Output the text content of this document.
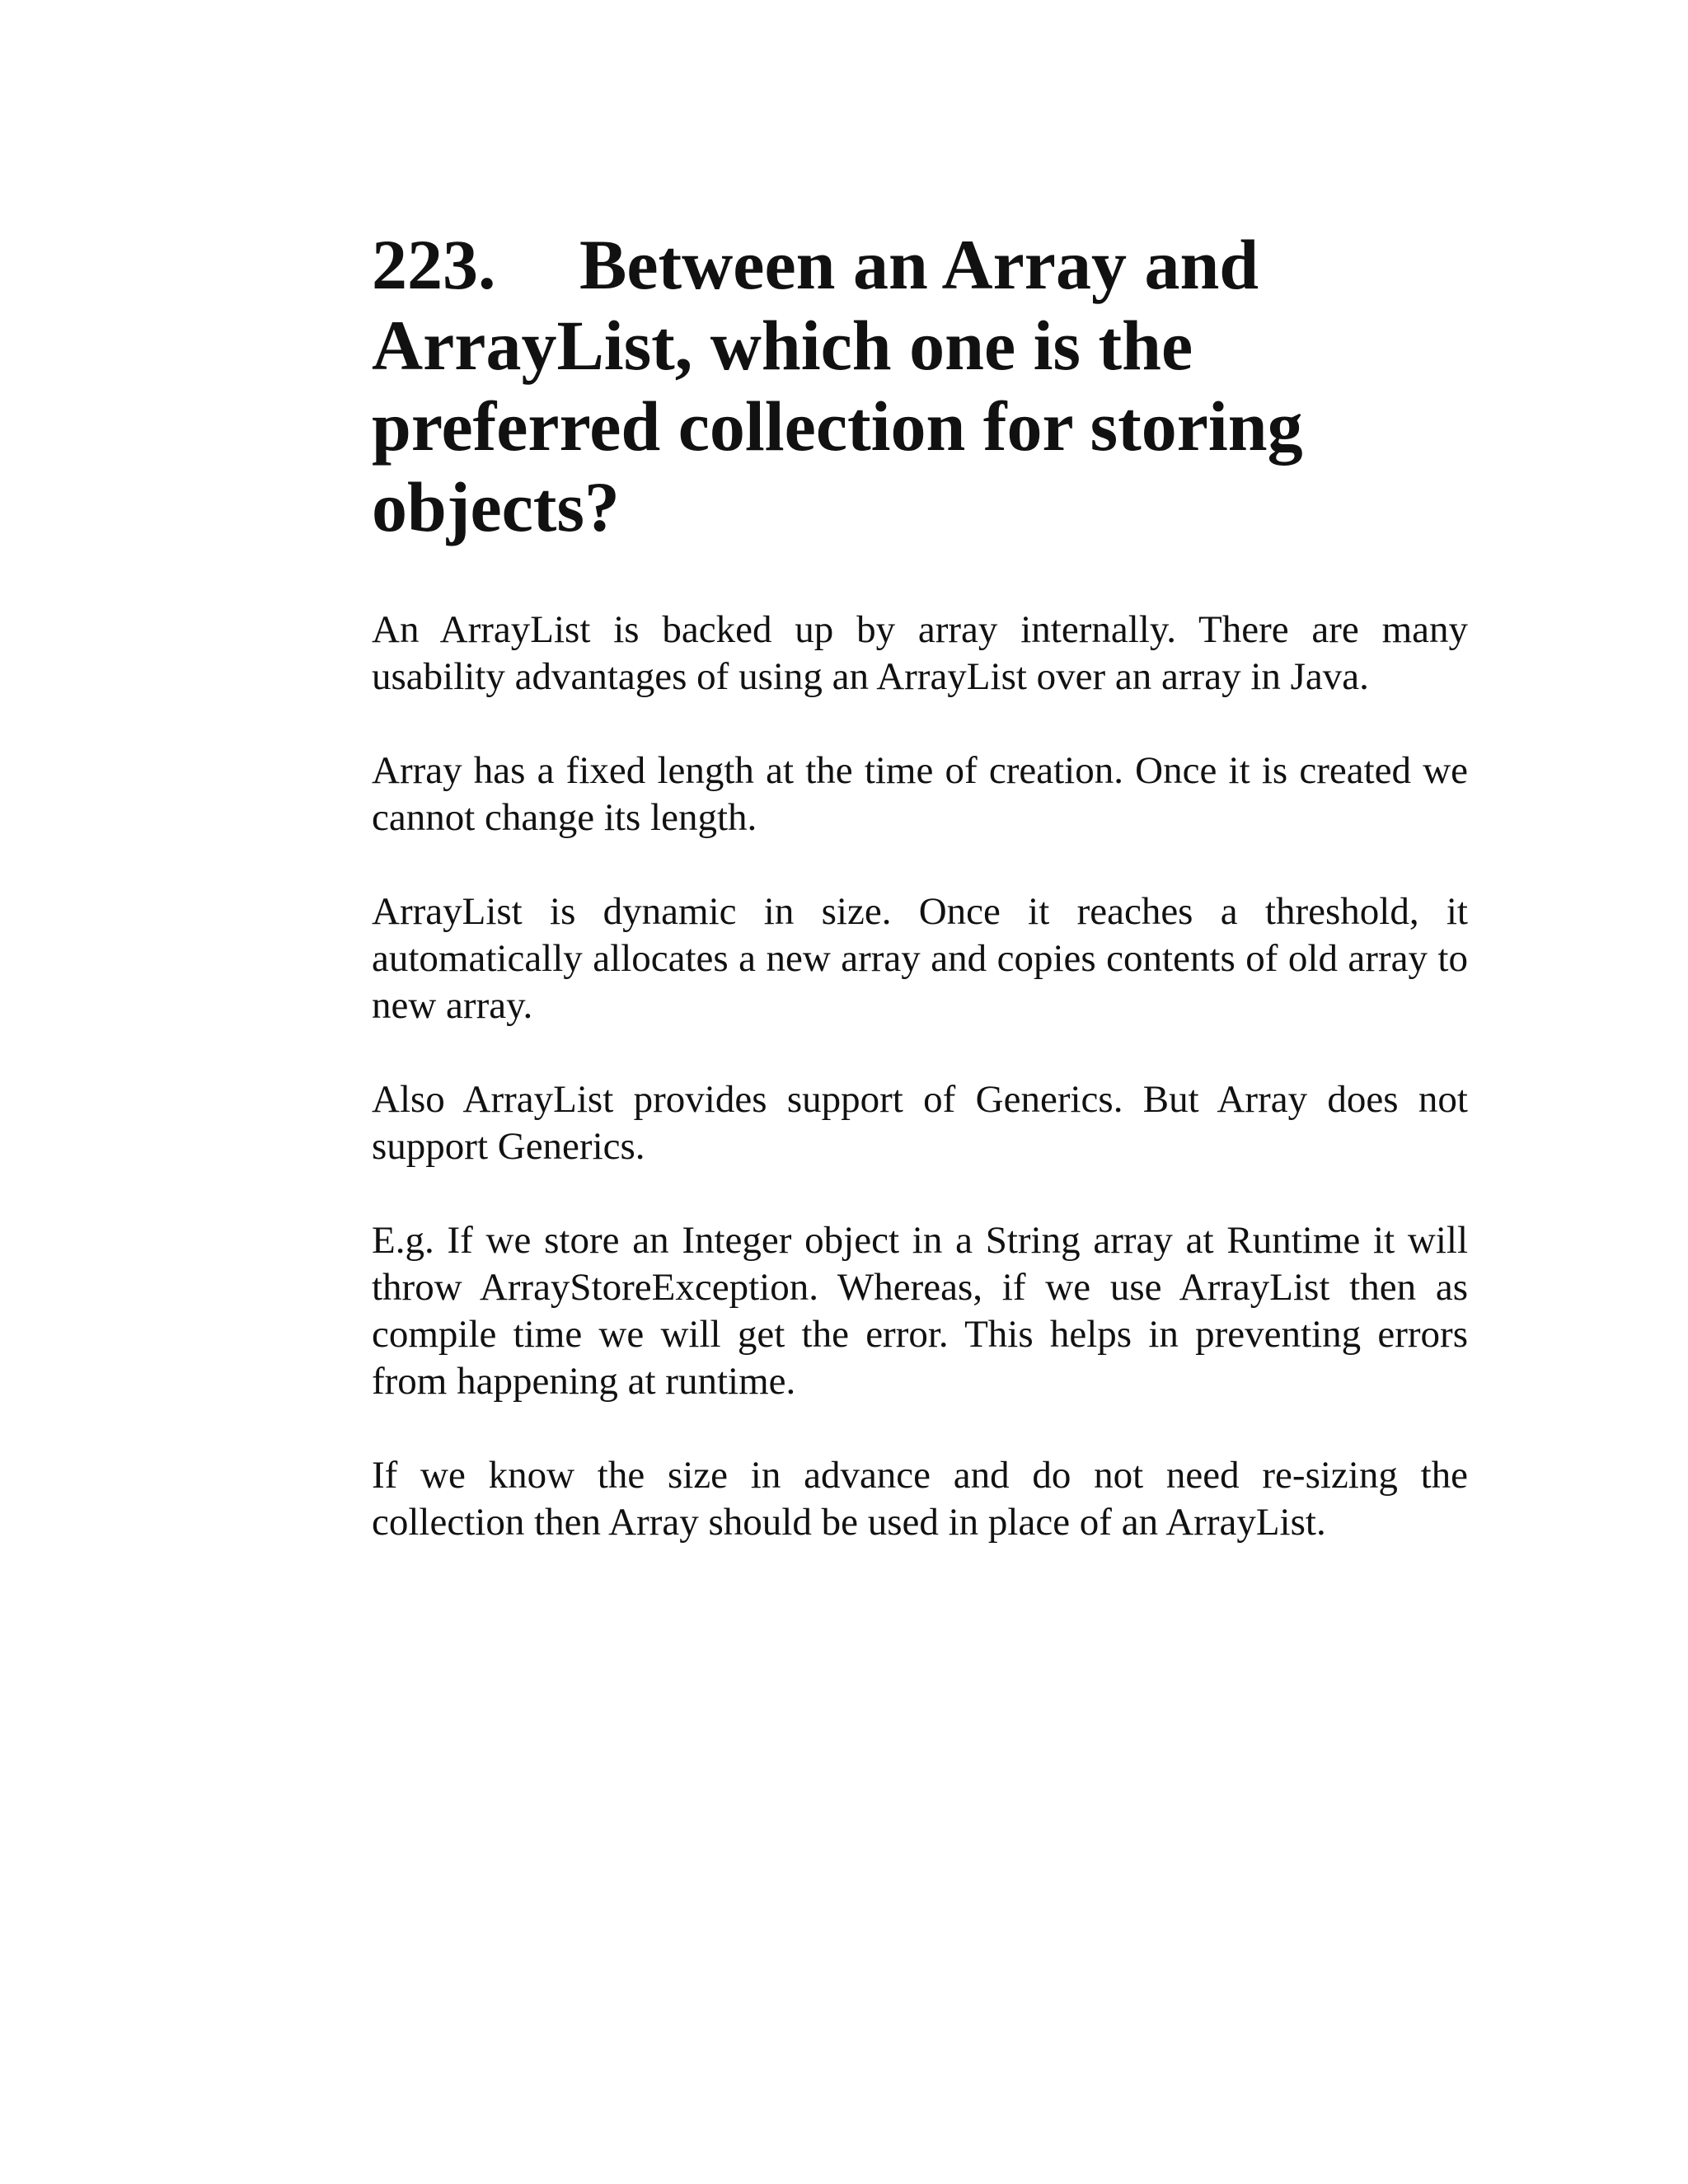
223. Between an Array and ArrayList, which one is the preferred collection for storing objects?

An ArrayList is backed up by array internally. There are many usability advantages of using an ArrayList over an array in Java.

Array has a fixed length at the time of creation. Once it is created we cannot change its length.

ArrayList is dynamic in size. Once it reaches a threshold, it automatically allocates a new array and copies contents of old array to new array.

Also ArrayList provides support of Generics. But Array does not support Generics.

E.g. If we store an Integer object in a String array at Runtime it will throw ArrayStoreException. Whereas, if we use ArrayList then as compile time we will get the error. This helps in preventing errors from happening at runtime.

If we know the size in advance and do not need re-sizing the collection then Array should be used in place of an ArrayList.
